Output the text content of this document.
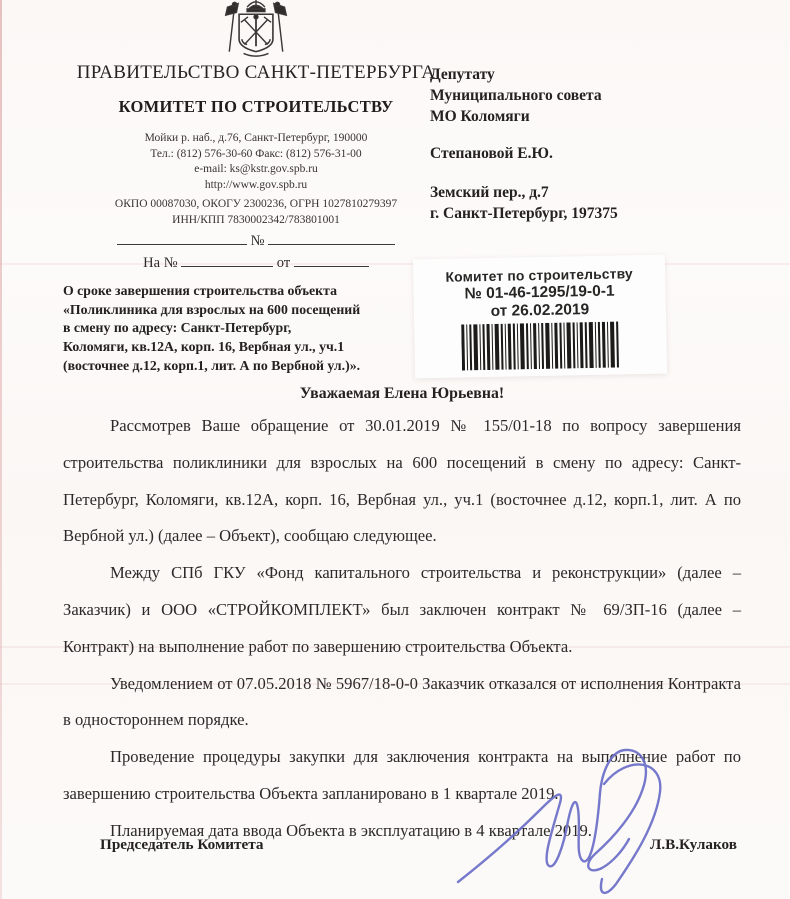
ПРАВИТЕЛЬСТВО САНКТ-ПЕТЕРБУРГА
КОМИТЕТ ПО СТРОИТЕЛЬСТВУ
Мойки р. наб., д.76, Санкт-Петербург, 190000
Тел.: (812) 576-30-60 Факс: (812) 576-31-00
e-mail: ks@kstr.gov.spb.ru
http://www.gov.spb.ru
ОКПО 00087030, ОКОГУ 2300236, ОГРН 1027810279397
ИНН/КПП 7830002342/783801001
№
На №	от
О сроке завершения строительства объекта
«Поликлиника для взрослых на 600 посещений
в смену по адресу: Санкт-Петербург,
Коломяги, кв.12А, корп. 16, Вербная ул., уч.1
(восточнее д.12, корп.1, лит. А по Вербной ул.)».
Депутату
Муниципального совета
МО Коломяги
Степановой Е.Ю.
Земский пер., д.7
г. Санкт-Петербург, 197375
Комитет по строительству
№ 01-46-1295/19-0-1
от 26.02.2019
Уважаемая Елена Юрьевна!

Рассмотрев Ваше обращение от 30.01.2019 № 155/01-18 по вопросу завершения строительства поликлиники для взрослых на 600 посещений в смену по адресу: Санкт-Петербург, Коломяги, кв.12А, корп. 16, Вербная ул., уч.1 (восточнее д.12, корп.1, лит. А по Вербной ул.) (далее – Объект), сообщаю следующее.

Между СПб ГКУ «Фонд капитального строительства и реконструкции» (далее – Заказчик) и ООО «СТРОЙКОМПЛЕКТ» был заключен контракт № 69/ЗП-16 (далее – Контракт) на выполнение работ по завершению строительства Объекта.

Уведомлением от 07.05.2018 № 5967/18-0-0 Заказчик отказался от исполнения Контракта в одностороннем порядке.

Проведение процедуры закупки для заключения контракта на выполнение работ по завершению строительства Объекта запланировано в 1 квартале 2019.

Планируемая дата ввода Объекта в эксплуатацию в 4 квартале 2019.

Председатель Комитета	Л.В.Кулаков
